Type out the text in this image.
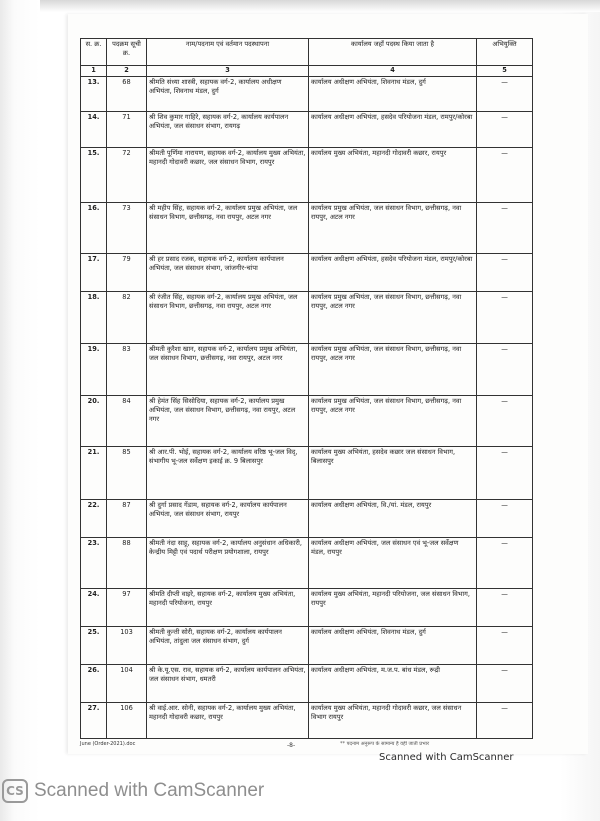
स. क्र.	पदक्रम सूची क्र.	नाम/पदनाम एवं वर्तमान पदस्थापना	कार्यालय जहाँ पदस्थ किया जाता है	अभियुक्ति
1	2	3	4	5
13.	68	श्रीमति संध्या शास्त्री, सहायक वर्ग-2, कार्यालय अधीक्षण अभियंता, शिवनाथ मंडल, दुर्ग	कार्यालय अधीक्षण अभियंता, शिवनाथ मंडल, दुर्ग	—
14.	71	श्री शिव कुमार गाहिरे, सहायक वर्ग-2, कार्यालय कार्यपालन अभियंता, जल संसाधन संभाग, रायगढ़	कार्यालय अधीक्षण अभियंता, हसदेव परियोजना मंडल, रामपुर/कोरबा	—
15.	72	श्रीमती पूर्णिमा नारायण, सहायक वर्ग-2, कार्यालय मुख्य अभियंता, महानदी गोदावरी कछार, जल संसाधन विभाग, रायपुर	कार्यालय मुख्य अभियंता, महानदी गोदावरी कछार, रायपुर	—
16.	73	श्री महीप सिंह, सहायक वर्ग-2, कार्यालय प्रमुख अभियंता, जल संसाधन विभाग, छत्तीसगढ़, नवा रायपुर, अटल नगर	कार्यालय प्रमुख अभियंता, जल संसाधन विभाग, छत्तीसगढ़, नवा रायपुर, अटल नगर	—
17.	79	श्री हर प्रसाद रजक, सहायक वर्ग-2, कार्यालय कार्यपालन अभियंता, जल संसाधन संभाग, जांजगीर-चांपा	कार्यालय अधीक्षण अभियंता, हसदेव परियोजना मंडल, रामपुर/कोरबा	—
18.	82	श्री रंजीत सिंह, सहायक वर्ग-2, कार्यालय प्रमुख अभियंता, जल संसाधन विभाग, छत्तीसगढ़, नवा रायपुर, अटल नगर	कार्यालय प्रमुख अभियंता, जल संसाधन विभाग, छत्तीसगढ़, नवा रायपुर, अटल नगर	—
19.	83	श्रीमती कुरैशा खान, सहायक वर्ग-2, कार्यालय प्रमुख अभियंता, जल संसाधन विभाग, छत्तीसगढ़, नवा रायपुर, अटल नगर	कार्यालय प्रमुख अभियंता, जल संसाधन विभाग, छत्तीसगढ़, नवा रायपुर, अटल नगर	—
20.	84	श्री हेमंत सिंह सिसोदिया, सहायक वर्ग-2, कार्यालय प्रमुख अभियंता, जल संसाधन विभाग, छत्तीसगढ़, नवा रायपुर, अटल नगर	कार्यालय प्रमुख अभियंता, जल संसाधन विभाग, छत्तीसगढ़, नवा रायपुर, अटल नगर	—
21.	85	श्री आर.पी. भोई, सहायक वर्ग-2, कार्यालय वरिष्ठ भू-जल विद्, संभागीय भू-जल सर्वेक्षण इकाई क्र. 9 बिलासपुर	कार्यालय मुख्य अभियंता, हसदेव कछार जल संसाधन विभाग, बिलासपुर	—
22.	87	श्री दुर्गा प्रसाद गेंडाम, सहायक वर्ग-2, कार्यालय कार्यपालन अभियंता, जल संसाधन संभाग, रायपुर	कार्यालय अधीक्षण अभियंता, वि./यां. मंडल, रायपुर	—
23.	88	श्रीमती नंदा साहू, सहायक वर्ग-2, कार्यालय अनुसंधान अधिकारी, केन्द्रीय मिट्टी एवं पदार्थ परीक्षण प्रयोगशाला, रायपुर	कार्यालय अधीक्षण अभियंता, जल संसाधन एवं भू-जल सर्वेक्षण मंडल, रायपुर	—
24.	97	श्रीमति दीप्ती वाइरे, सहायक वर्ग-2, कार्यालय मुख्य अभियंता, महानदी परियोजना, रायपुर	कार्यालय मुख्य अभियंता, महानदी परियोजना, जल संसाधन विभाग, रायपुर	—
25.	103	श्रीमती कुन्ती सोरी, सहायक वर्ग-2, कार्यालय कार्यपालन अभियंता, तांदुला जल संसाधन संभाग, दुर्ग	कार्यालय अधीक्षण अभियंता, शिवनाथ मंडल, दुर्ग	—
26.	104	श्री के.यू.एस. राव, सहायक वर्ग-2, कार्यालय कार्यपालन अभियंता, जल संसाधन संभाग, धमतरी	कार्यालय अधीक्षण अभियंता, म.ज.प. बांध मंडल, रूद्री	—
27.	106	श्री वाई.आर. सोनी, सहायक वर्ग-2, कार्यालय मुख्य अभियंता, महानदी गोदावरी कछार, रायपुर	कार्यालय मुख्य अभियंता, महानदी गोदावरी कछार, जल संसाधन विभाग रायपुर	—
June (Order-2021).doc	-8-	** पदनाम अनुरूप के सामान्य है वही जाती प्रभार
Scanned with CamScanner
CS Scanned with CamScanner
